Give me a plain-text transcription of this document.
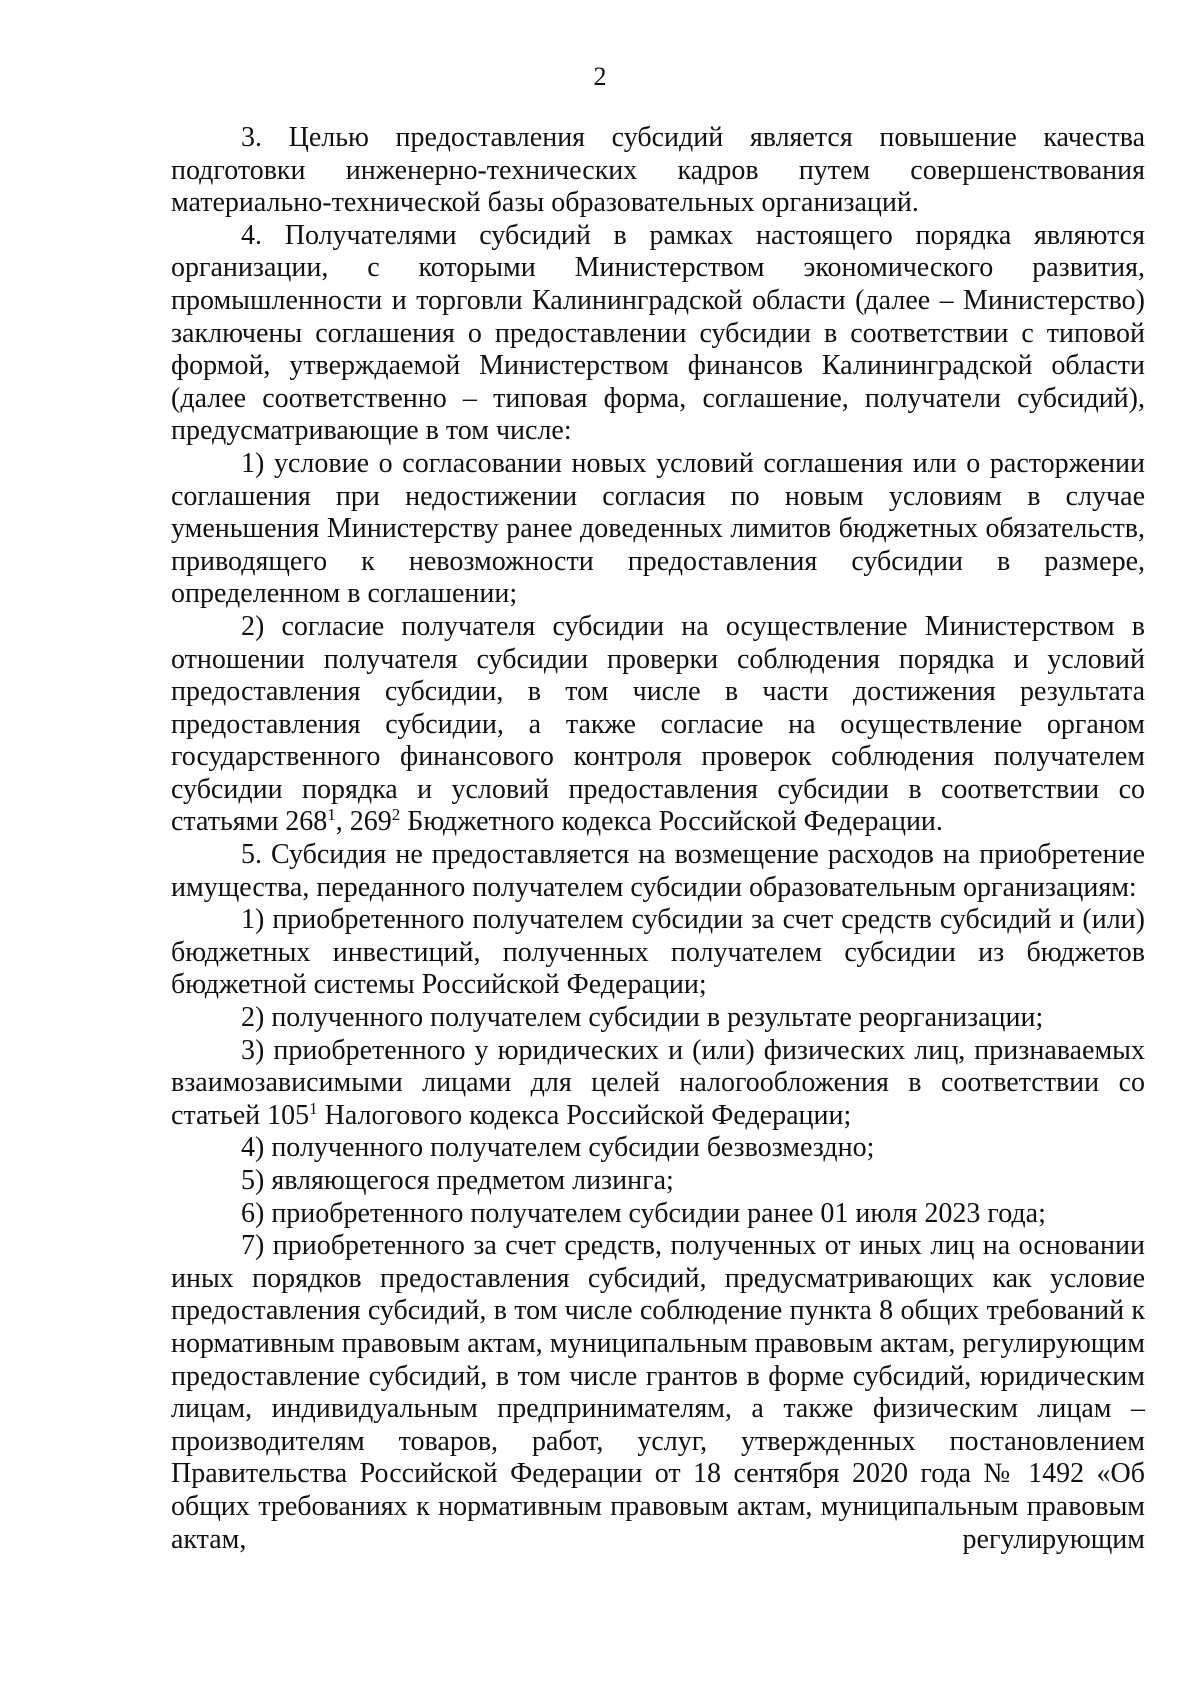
2

3. Целью предоставления субсидий является повышение качества подготовки инженерно-технических кадров путем совершенствования материально-технической базы образовательных организаций.

4. Получателями субсидий в рамках настоящего порядка являются организации, с которыми Министерством экономического развития, промышленности и торговли Калининградской области (далее – Министерство) заключены соглашения о предоставлении субсидии в соответствии с типовой формой, утверждаемой Министерством финансов Калининградской области (далее соответственно – типовая форма, соглашение, получатели субсидий), предусматривающие в том числе:

1) условие о согласовании новых условий соглашения или о расторжении соглашения при недостижении согласия по новым условиям в случае уменьшения Министерству ранее доведенных лимитов бюджетных обязательств, приводящего к невозможности предоставления субсидии в размере, определенном в соглашении;

2) согласие получателя субсидии на осуществление Министерством в отношении получателя субсидии проверки соблюдения порядка и условий предоставления субсидии, в том числе в части достижения результата предоставления субсидии, а также согласие на осуществление органом государственного финансового контроля проверок соблюдения получателем субсидии порядка и условий предоставления субсидии в соответствии со статьями $268^1$, $269^2$ Бюджетного кодекса Российской Федерации.

5. Субсидия не предоставляется на возмещение расходов на приобретение имущества, переданного получателем субсидии образовательным организациям:

1) приобретенного получателем субсидии за счет средств субсидий и (или) бюджетных инвестиций, полученных получателем субсидии из бюджетов бюджетной системы Российской Федерации;

2) полученного получателем субсидии в результате реорганизации;

3) приобретенного у юридических и (или) физических лиц, признаваемых взаимозависимыми лицами для целей налогообложения в соответствии со статьей $105^1$ Налогового кодекса Российской Федерации;

4) полученного получателем субсидии безвозмездно;

5) являющегося предметом лизинга;

6) приобретенного получателем субсидии ранее 01 июля 2023 года;

7) приобретенного за счет средств, полученных от иных лиц на основании иных порядков предоставления субсидий, предусматривающих как условие предоставления субсидий, в том числе соблюдение пункта 8 общих требований к нормативным правовым актам, муниципальным правовым актам, регулирующим предоставление субсидий, в том числе грантов в форме субсидий, юридическим лицам, индивидуальным предпринимателям, а также физическим лицам – производителям товаров, работ, услуг, утвержденных постановлением Правительства Российской Федерации от 18 сентября 2020 года № 1492 «Об общих требованиях к нормативным правовым актам, муниципальным правовым актам, регулирующим
